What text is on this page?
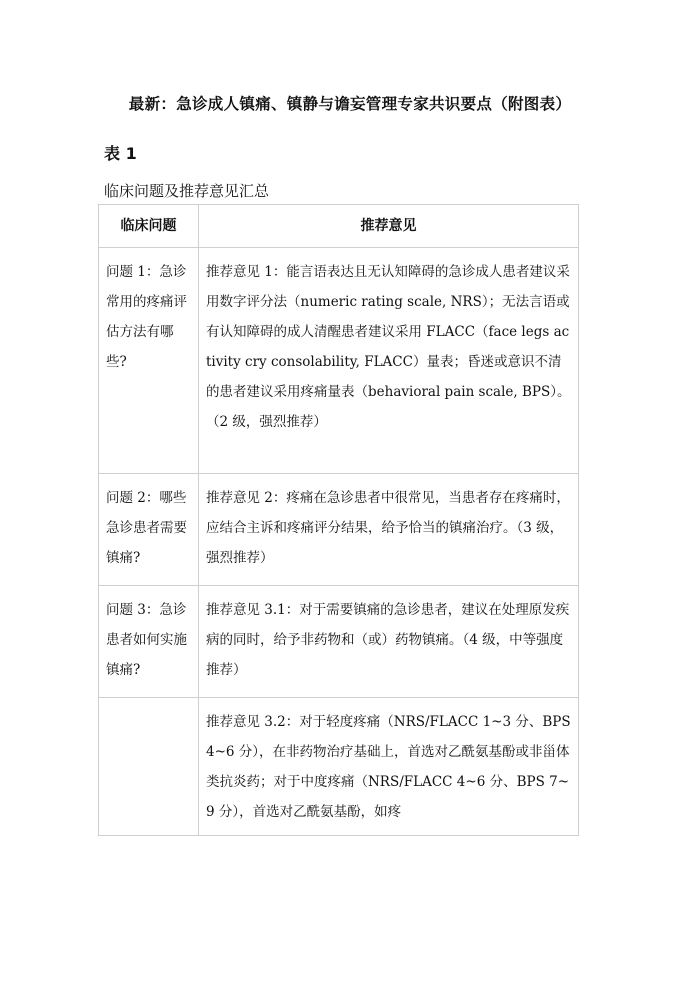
最新：急诊成人镇痛、镇静与谵妄管理专家共识要点（附图表）
表 1
临床问题及推荐意见汇总
临床问题	推荐意见
问题 1：急诊常用的疼痛评估方法有哪些?	推荐意见 1：能言语表达且无认知障碍的急诊成人患者建议采用数字评分法（numeric rating scale, NRS）；无法言语或有认知障碍的成人清醒患者建议采用 FLACC（face legs activity cry consolability, FLACC）量表；昏迷或意识不清的患者建议采用疼痛量表（behavioral pain scale, BPS）。（2 级，强烈推荐）
问题 2：哪些急诊患者需要镇痛?	推荐意见 2：疼痛在急诊患者中很常见，当患者存在疼痛时，应结合主诉和疼痛评分结果，给予恰当的镇痛治疗。（3 级，强烈推荐）
问题 3：急诊患者如何实施镇痛?	推荐意见 3.1：对于需要镇痛的急诊患者，建议在处理原发疾病的同时，给予非药物和（或）药物镇痛。（4 级，中等强度推荐）
	推荐意见 3.2：对于轻度疼痛（NRS/FLACC 1~3 分、BPS 4~6 分），在非药物治疗基础上，首选对乙酰氨基酚或非甾体类抗炎药；对于中度疼痛（NRS/FLACC 4~6 分、BPS 7~9 分），首选对乙酰氨基酚，如疼
